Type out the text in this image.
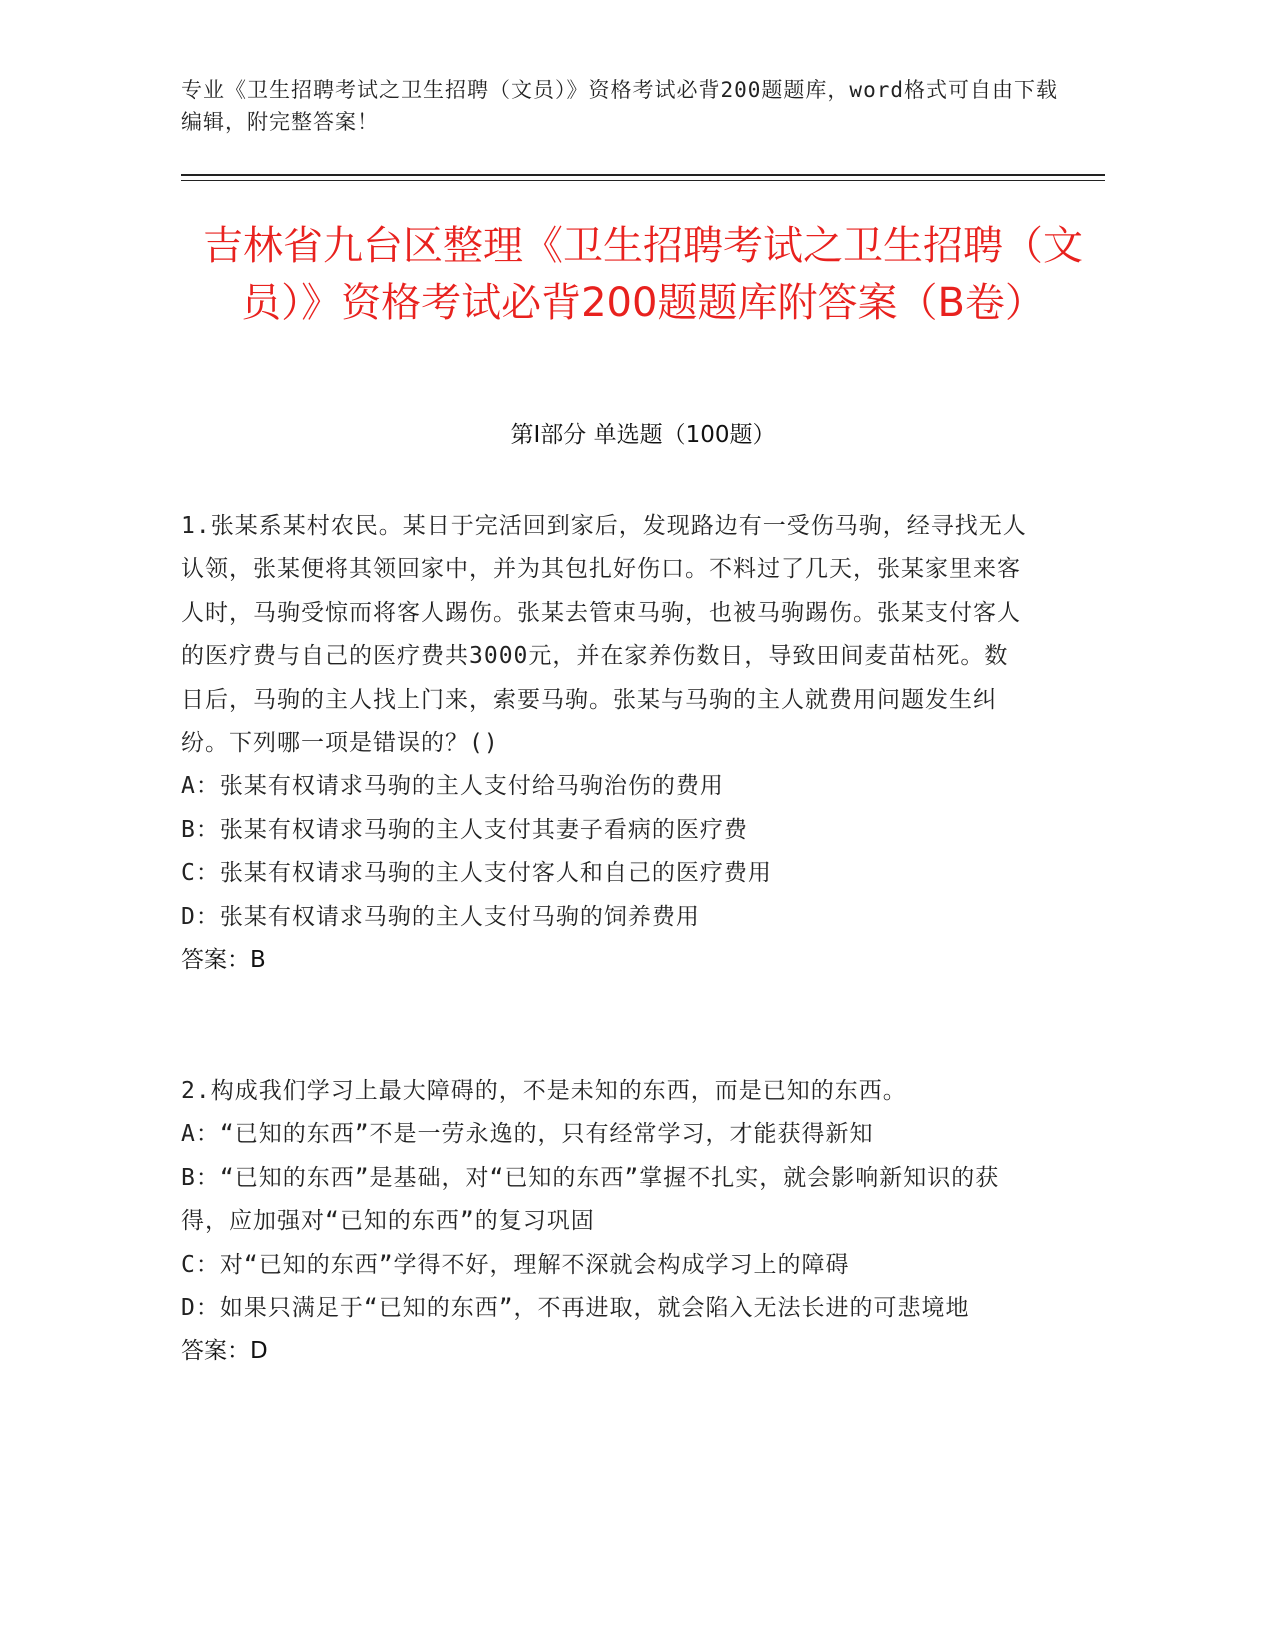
专业《卫生招聘考试之卫生招聘（文员）》资格考试必背200题题库，word格式可自由下载编辑，附完整答案！
吉林省九台区整理《卫生招聘考试之卫生招聘（文员）》资格考试必背200题题库附答案（B卷）
第Ⅰ部分 单选题（100题）
1.张某系某村农民。某日于完活回到家后，发现路边有一受伤马驹，经寻找无人认领，张某便将其领回家中，并为其包扎好伤口。不料过了几天，张某家里来客人时，马驹受惊而将客人踢伤。张某去管束马驹，也被马驹踢伤。张某支付客人的医疗费与自己的医疗费共3000元，并在家养伤数日，导致田间麦苗枯死。数日后，马驹的主人找上门来，索要马驹。张某与马驹的主人就费用问题发生纠纷。下列哪一项是错误的？()
A：张某有权请求马驹的主人支付给马驹治伤的费用
B：张某有权请求马驹的主人支付其妻子看病的医疗费
C：张某有权请求马驹的主人支付客人和自己的医疗费用
D：张某有权请求马驹的主人支付马驹的饲养费用
答案：B
2.构成我们学习上最大障碍的，不是未知的东西，而是已知的东西。
A：“已知的东西”不是一劳永逸的，只有经常学习，才能获得新知
B：“已知的东西”是基础，对“已知的东西”掌握不扎实，就会影响新知识的获得，应加强对“已知的东西”的复习巩固
C：对“已知的东西”学得不好，理解不深就会构成学习上的障碍
D：如果只满足于“已知的东西”，不再进取，就会陷入无法长进的可悲境地
答案：D
